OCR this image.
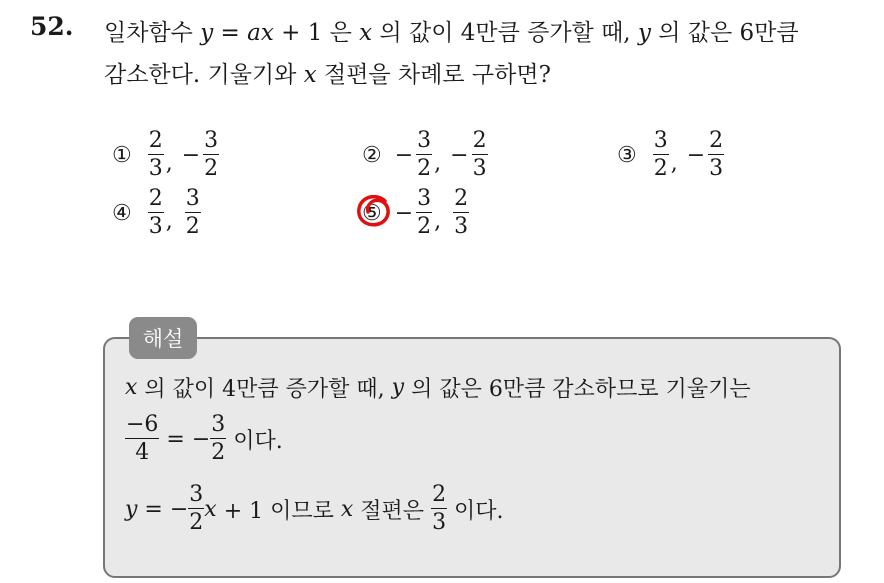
52. 일차함수 y = ax + 1 은 x 의 값이 4만큼 증가할 때, y 의 값은 6만큼
감소한다. 기울기와 x 절편을 차례로 구하면?
① $\frac{2}{3}$ , − $\frac{3}{2}$	② − $\frac{3}{2}$ , − $\frac{2}{3}$	③ $\frac{3}{2}$ , − $\frac{2}{3}$
④ $\frac{2}{3}$ , $\frac{3}{2}$	⑤ − $\frac{3}{2}$ , $\frac{2}{3}$
해설
x 의 값이 4만큼 증가할 때, y 의 값은 6만큼 감소하므로 기울기는
$\frac{-6}{4}$ = − $\frac{3}{2}$ 이다.
y = − $\frac{3}{2}$ x + 1 이므로 x 절편은 $\frac{2}{3}$ 이다.
